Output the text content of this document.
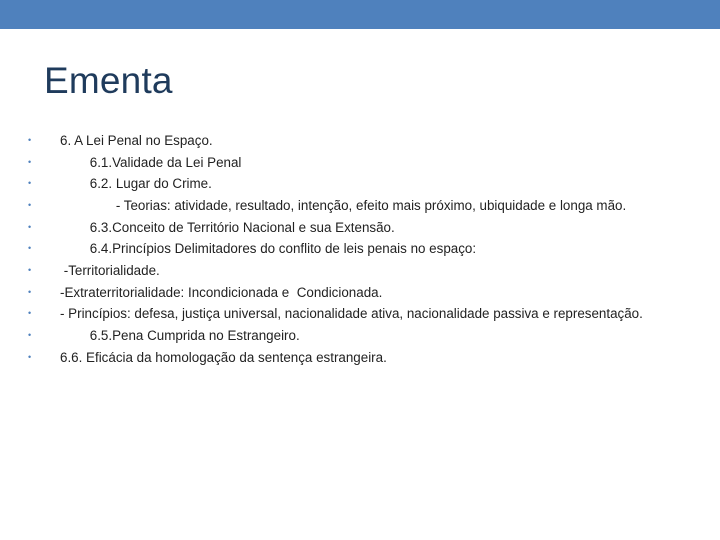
Ementa
• 6. A Lei Penal no Espaço.
• 6.1.Validade da Lei Penal
• 6.2. Lugar do Crime.
• - Teorias: atividade, resultado, intenção, efeito mais próximo, ubiquidade e longa mão.
• 6.3.Conceito de Território Nacional e sua Extensão.
• 6.4.Princípios Delimitadores do conflito de leis penais no espaço:
• -Territorialidade.
• -Extraterritorialidade: Incondicionada e  Condicionada.
• - Princípios: defesa, justiça universal, nacionalidade ativa, nacionalidade passiva e representação.
• 6.5.Pena Cumprida no Estrangeiro.
• 6.6. Eficácia da homologação da sentença estrangeira.
